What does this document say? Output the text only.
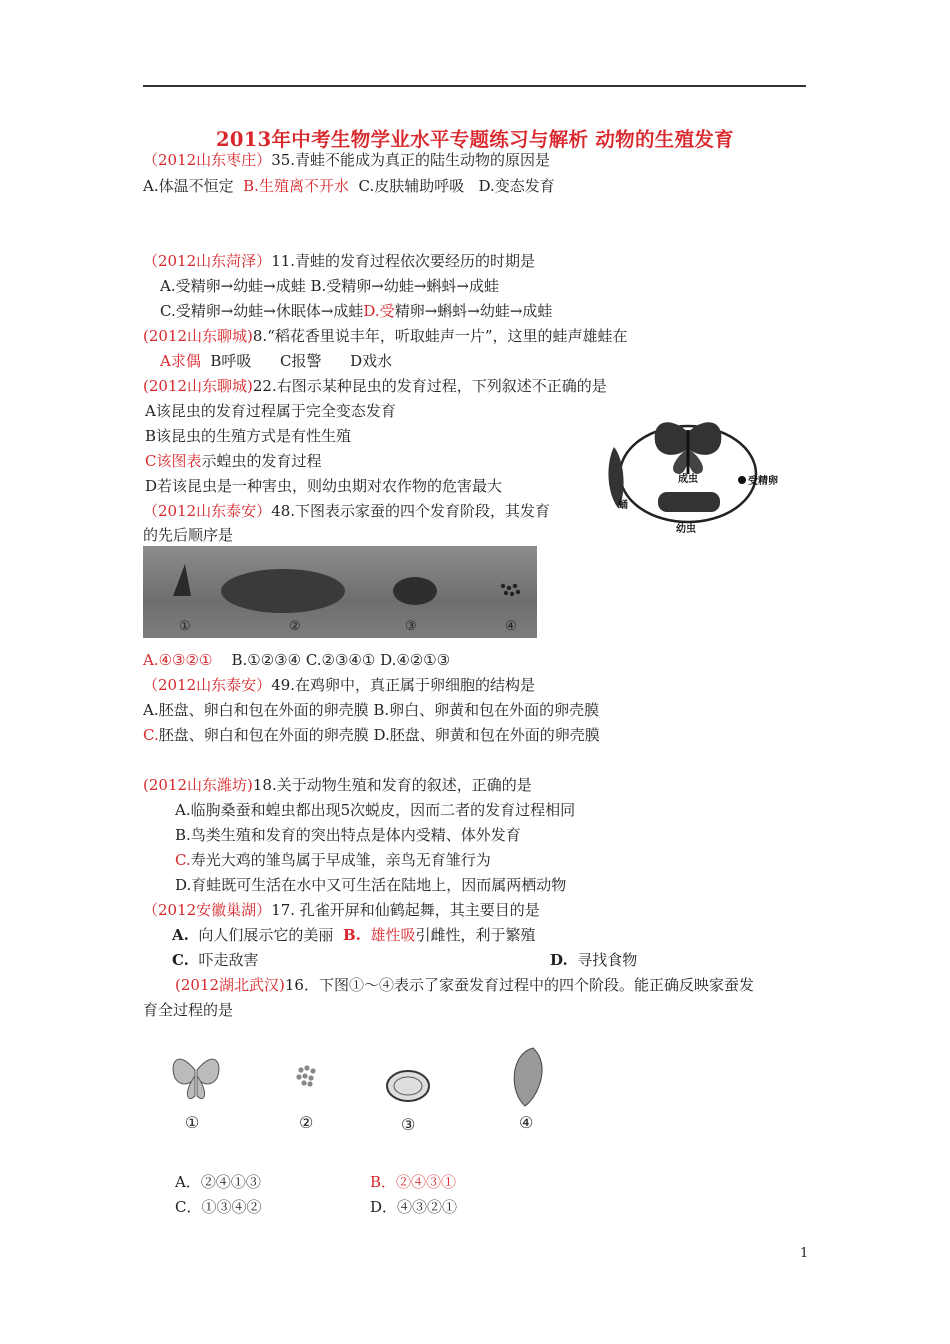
2013年中考生物学业水平专题练习与解析 动物的生殖发育
（2012山东枣庄）35.青蛙不能成为真正的陆生动物的原因是
A.体温不恒定 B.生殖离不开水 C.皮肤辅助呼吸 D.变态发育
（2012山东菏泽）11.青蛙的发育过程依次要经历的时期是
A.受精卵→幼蛙→成蛙 B.受精卵→幼蛙→蝌蚪→成蛙
C.受精卵→幼蛙→休眠体→成蛙D.受精卵→蝌蚪→幼蛙→成蛙
(2012山东聊城)8.“稻花香里说丰年，听取蛙声一片”，这里的蛙声雄蛙在
A求偶 B呼吸 C报警 D戏水
(2012山东聊城)22.右图示某种昆虫的发育过程，下列叙述不正确的是
A该昆虫的发育过程属于完全变态发育
B该昆虫的生殖方式是有性生殖
C该图表示蝗虫的发育过程
D若该昆虫是一种害虫，则幼虫期对农作物的危害最大	成虫	受精卵
幼虫
蛹
（2012山东泰安）48.下图表示家蚕的四个发育阶段，其发育
的先后顺序是
①	②	③	④
A.④③②① B.①②③④ C.②③④① D.④②①③
（2012山东泰安）49.在鸡卵中，真正属于卵细胞的结构是
A.胚盘、卵白和包在外面的卵壳膜 B.卵白、卵黄和包在外面的卵壳膜
C.胚盘、卵白和包在外面的卵壳膜 D.胚盘、卵黄和包在外面的卵壳膜
(2012山东潍坊)18.关于动物生殖和发育的叙述，正确的是
A.临朐桑蚕和蝗虫都出现5次蜕皮，因而二者的发育过程相同
B.鸟类生殖和发育的突出特点是体内受精、体外发育
C.寿光大鸡的雏鸟属于早成雏，亲鸟无育雏行为
D.育蛙既可生活在水中又可生活在陆地上，因而属两栖动物
（2012安徽巢湖）17. 孔雀开屏和仙鹤起舞，其主要目的是
A. 向人们展示它的美丽 B. 雄性吸引雌性，利于繁殖
C. 吓走敌害	D. 寻找食物
(2012湖北武汉)16．下图①～④表示了家蚕发育过程中的四个阶段。能正确反映家蚕发
育全过程的是
①	②	③	④
A．②④①③	B．②④③①
C．①③④②	D．④③②①
1
